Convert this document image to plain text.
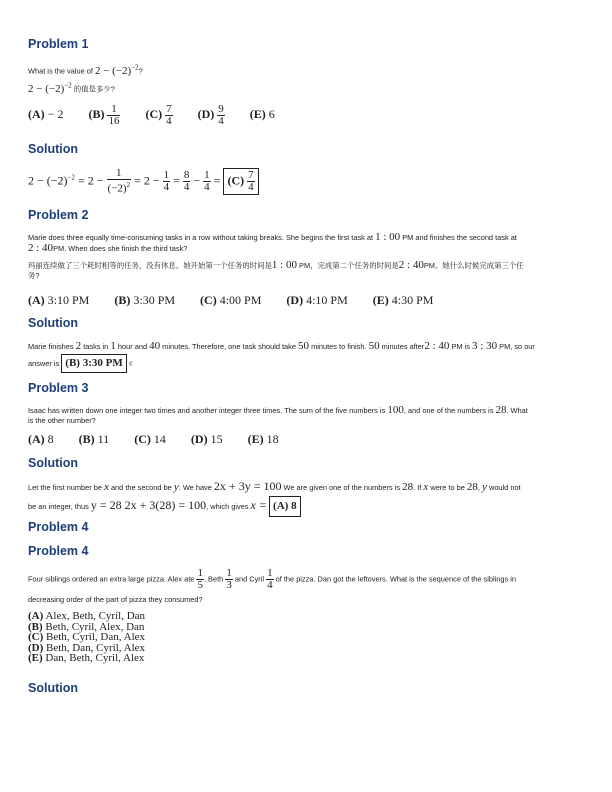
Problem 1
What is the value of $2 - (-2)^{-2}$?
$2 - (-2)^{-2}$ 的值是多少?
(A) − 2 $(B) \frac{1}{16} (C) \frac{7}{4} (D) \frac{9}{4} (E)$ 6
Solution
$2 - (-2)^{-2} = 2 - \frac{1}{(-2)^2} = 2 - \frac{1}{4} = \frac{8}{4} - \frac{1}{4} = (C) \frac{7}{4}$
Problem 2
Marie does three equally time-consuming tasks in a row without taking breaks. She begins the first task at 1 : 00 PM and finishes the second task at
2 : 40PM. When does she finish the third task?
玛丽连续做了三个耗时相等的任务，没有休息。她开始第一个任务的时间是1 : 00 PM，完成第二个任务的时间是2 : 40PM。她什么时候完成第三个任
务?
(A) 3:10 PM (B) 3:30 PM (C) 4:00 PM (D) 4:10 PM (E) 4:30 PM
Solution
Marie finishes 2 tasks in 1 hour and 40 minutes. Therefore, one task should take 50 minutes to finish. 50 minutes after2 : 40 PM is 3 : 30 PM, so our
answer is (B) 3:30 PM ¢
Problem 3
Isaac has written down one integer two times and another integer three times. The sum of the five numbers is 100, and one of the numbers is 28. What
is the other number?
(A) 8 (B) 11 (C) 14 (D) 15 (E) 18
Solution
Let the first number be x and the second be y. We have 2x + 3y = 100 We are given one of the numbers is 28. If x were to be 28, y would not
be an integer, thus y = 28 2x + 3(28) = 100, which gives x = (A) 8
Problem 4
Problem 4
Four siblings ordered an extra large pizza. Alex ate $\frac{1}{5}$ , Beth $\frac{1}{3}$ and Cyril $\frac{1}{4}$ of the pizza. Dan got the leftovers. What is the sequence of the siblings in
decreasing order of the part of pizza they consumed?
(A) Alex, Beth, Cyril, Dan
(B) Beth, Cyril, Alex, Dan
(C) Beth, Cyril, Dan, Alex
(D) Beth, Dan, Cyril, Alex
(E) Dan, Beth, Cyril, Alex
Solution
